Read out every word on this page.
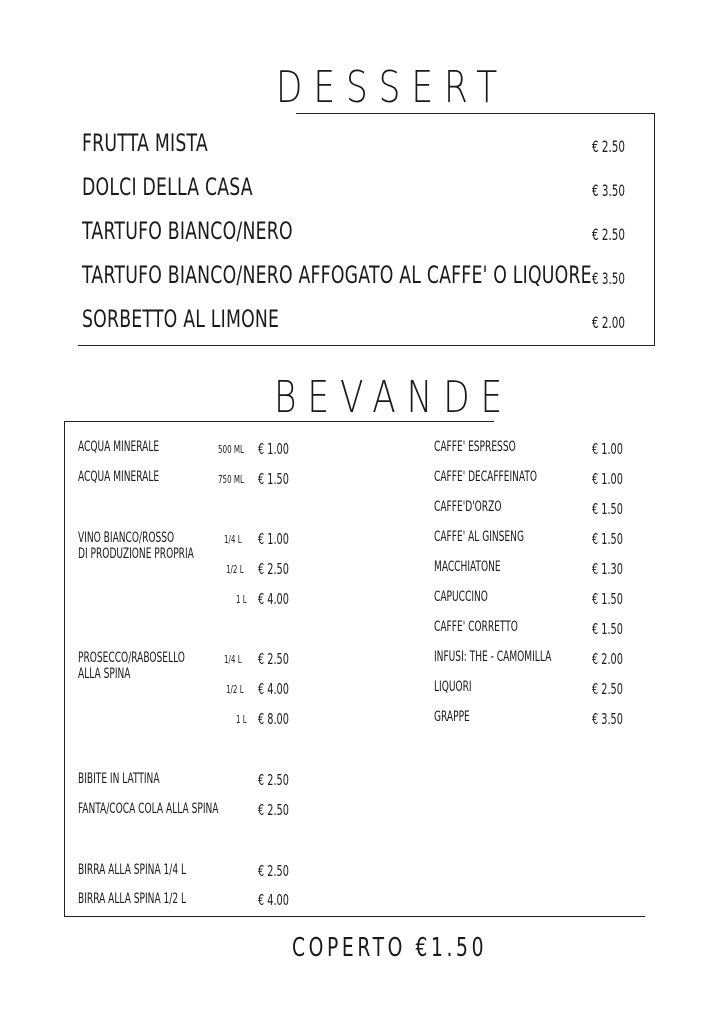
DESSERT
FRUTTA MISTA	€ 2.50
DOLCI DELLA CASA	€ 3.50
TARTUFO BIANCO/NERO	€ 2.50
TARTUFO BIANCO/NERO AFFOGATO AL CAFFE' O LIQUORE € 3.50
SORBETTO AL LIMONE	€ 2.00
BEVANDE
ACQUA MINERALE	500 ML € 1.00
ACQUA MINERALE	750 ML € 1.50
VINO BIANCO/ROSSO
DI PRODUZIONE PROPRIA
1/4 L € 1.00
1/2 L € 2.50
1 L € 4.00
PROSECCO/RABOSELLO
ALLA SPINA
1/4 L € 2.50
1/2 L € 4.00
1 L € 8.00
BIBITE IN LATTINA	€ 2.50
FANTA/COCA COLA ALLA SPINA	€ 2.50
BIRRA ALLA SPINA 1/4 L	€ 2.50
BIRRA ALLA SPINA 1/2 L	€ 4.00
CAFFE' ESPRESSO	€ 1.00
CAFFE' DECAFFEINATO	€ 1.00
CAFFE'D'ORZO	€ 1.50
CAFFE' AL GINSENG	€ 1.50
MACCHIATONE	€ 1.30
CAPUCCINO	€ 1.50
CAFFE' CORRETTO	€ 1.50
INFUSI: THE - CAMOMILLA	€ 2.00
LIQUORI	€ 2.50
GRAPPE	€ 3.50
COPERTO €1.50
